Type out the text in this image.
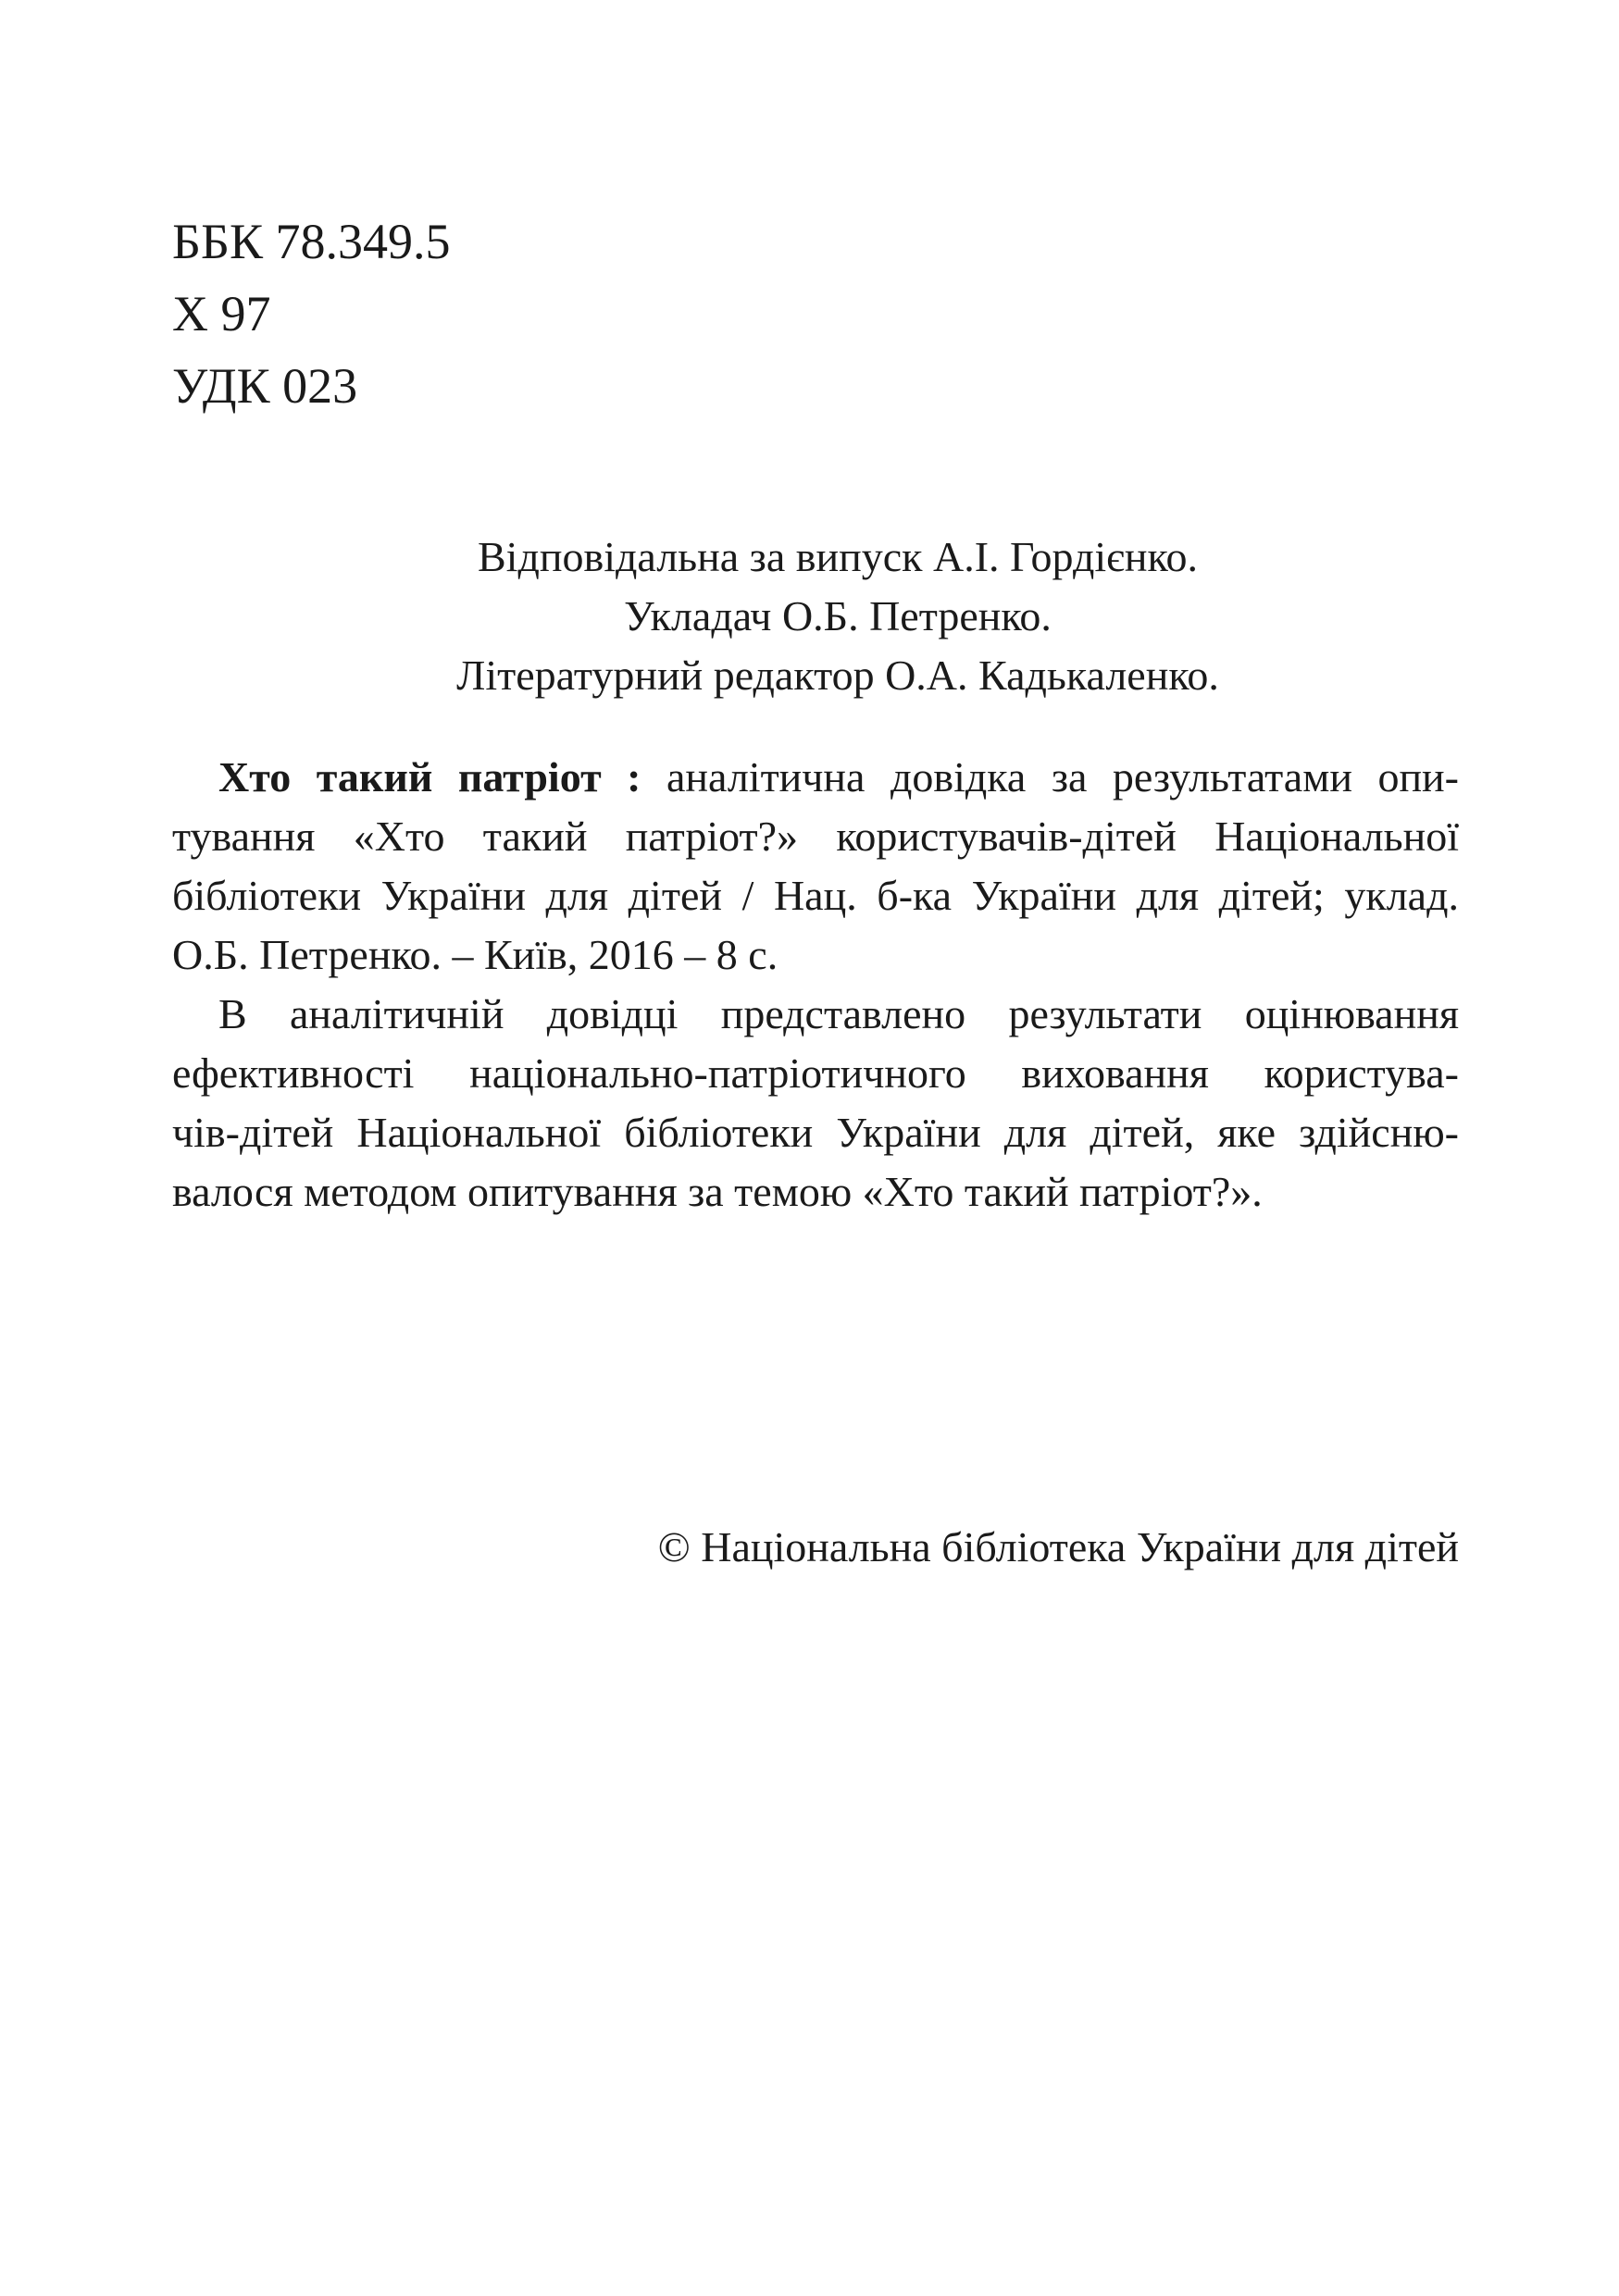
ББК 78.349.5
Х 97
УДК 023
Відповідальна за випуск А.І. Гордієнко.
Укладач О.Б. Петренко.
Літературний редактор О.А. Кадькаленко.
Хто такий патріот : аналітична довідка за результатами опи-
тування «Хто такий патріот?» користувачів-дітей Національної
бібліотеки України для дітей / Нац. б-ка України для дітей; уклад.
О.Б. Петренко. – Київ, 2016 – 8 с.
В аналітичній довідці представлено результати оцінювання
ефективності національно-патріотичного виховання користува-
чів-дітей Національної бібліотеки України для дітей, яке здійсню-
валося методом опитування за темою «Хто такий патріот?».
© Національна бібліотека України для дітей
